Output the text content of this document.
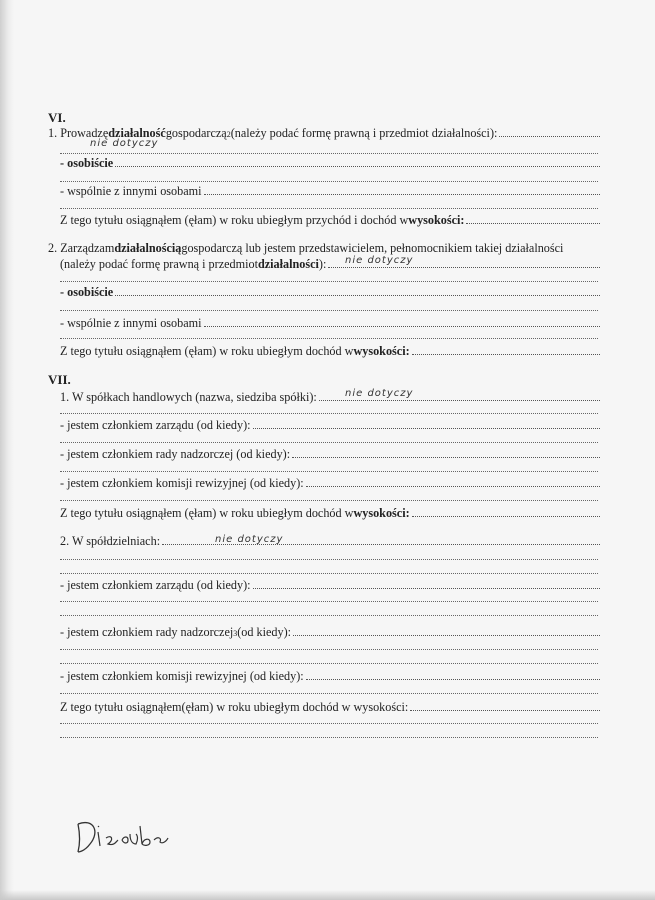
VI.
1. Prowadzę działalność gospodarczą 2 (należy podać formę prawną i przedmiot działalności):
nie dotyczy
- osobiście
- wspólnie z innymi osobami
Z tego tytułu osiągnąłem (ęłam) w roku ubiegłym przychód i dochód w wysokości:
2. Zarządzam działalnością gospodarczą lub jestem przedstawicielem, pełnomocnikiem takiej działalności
(należy podać formę prawną i przedmiot działalności ): nie dotyczy
- osobiście
- wspólnie z innymi osobami
Z tego tytułu osiągnąłem (ęłam) w roku ubiegłym dochód w wysokości:
VII.
1. W spółkach handlowych (nazwa, siedziba spółki):	nie dotyczy
- jestem członkiem zarządu (od kiedy):
- jestem członkiem rady nadzorczej (od kiedy):
- jestem członkiem komisji rewizyjnej (od kiedy):
Z tego tytułu osiągnąłem (ęłam) w roku ubiegłym dochód w wysokości:
2. W spółdzielniach:	nie dotyczy
- jestem członkiem zarządu (od kiedy):
- jestem członkiem rady nadzorczej 3 (od kiedy):
- jestem członkiem komisji rewizyjnej (od kiedy):
Z tego tytułu osiągnąłem(ęłam) w roku ubiegłym dochód w wysokości:
